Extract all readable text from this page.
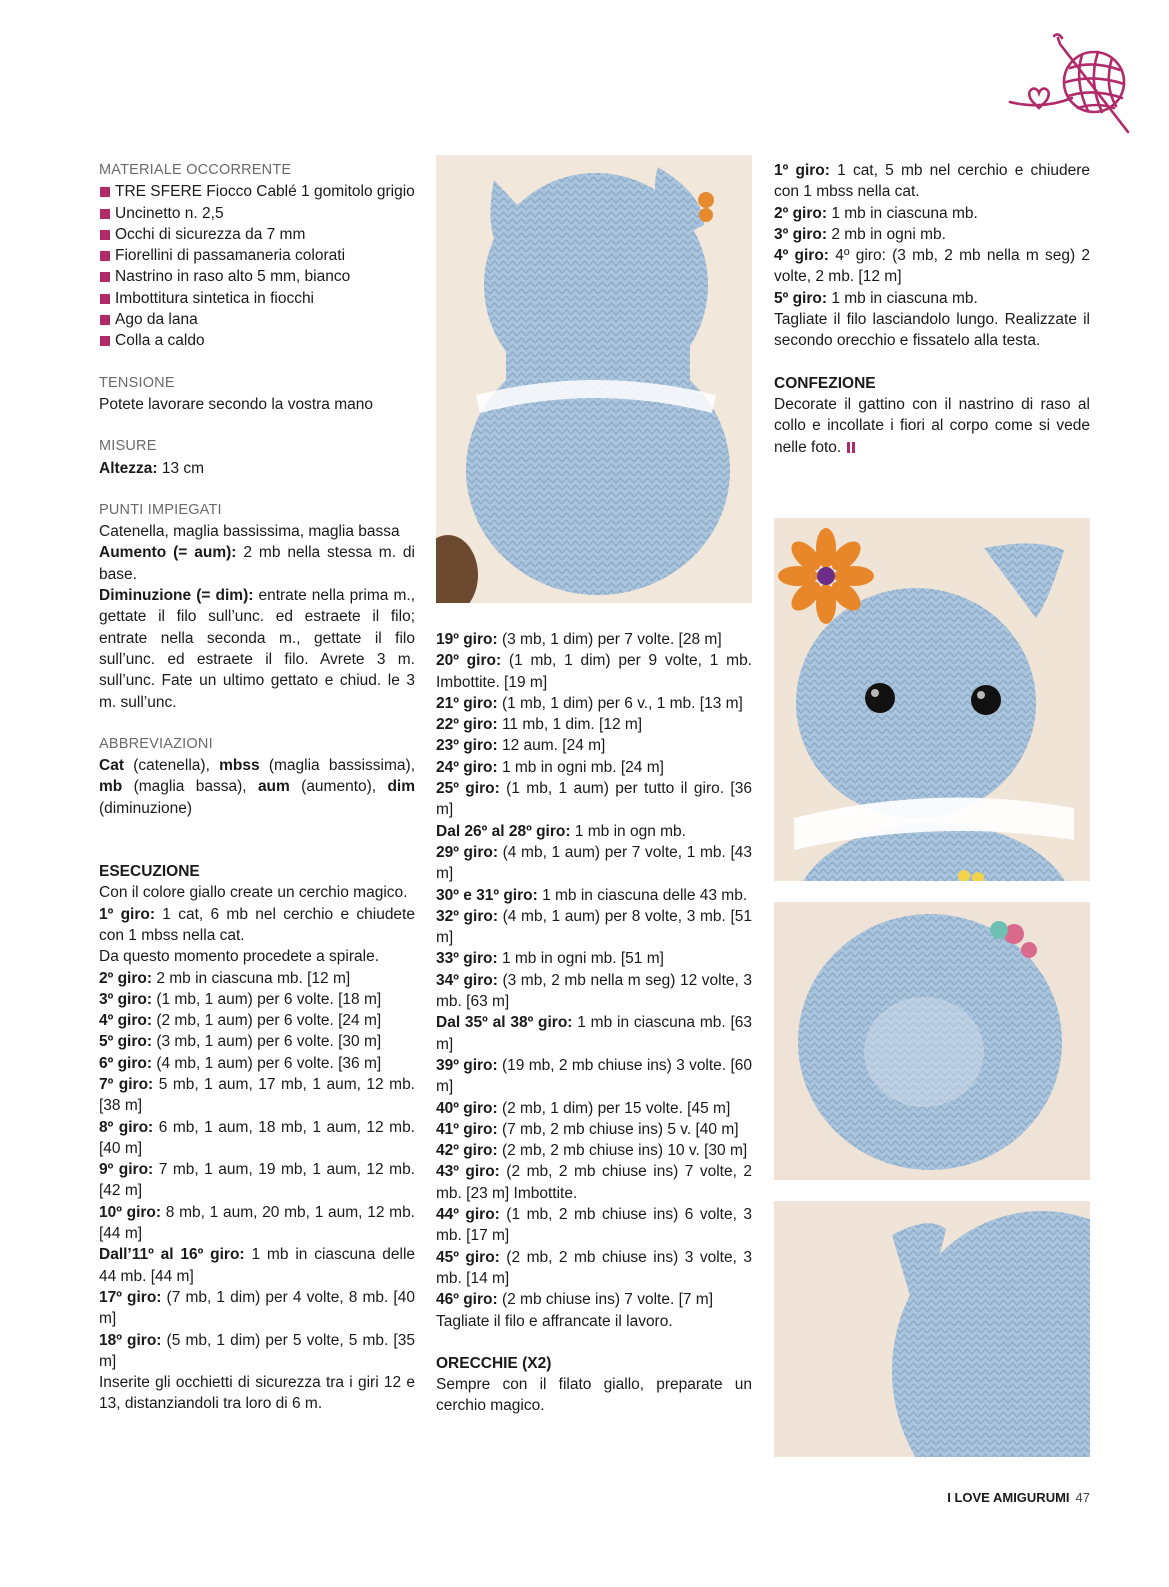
MATERIALE OCCORRENTE

TRE SFERE Fiocco Cablé 1 gomitolo grigio
Uncinetto n. 2,5
Occhi di sicurezza da 7 mm
Fiorellini di passamaneria colorati
Nastrino in raso alto 5 mm, bianco
Imbottitura sintetica in fiocchi
Ago da lana
Colla a caldo

TENSIONE

Potete lavorare secondo la vostra mano

MISURE

Altezza: 13 cm

PUNTI IMPIEGATI

Catenella, maglia bassissima, maglia bassa

Aumento (= aum): 2 mb nella stessa m. di base.

Diminuzione (= dim): entrate nella prima m., gettate il filo sull’unc. ed estraete il filo; entrate nella seconda m., gettate il filo sull’unc. ed estraete il filo. Avrete 3 m. sull’unc. Fate un ultimo gettato e chiud. le 3 m. sull’unc.

ABBREVIAZIONI

Cat (catenella), mbss (maglia bassissima), mb (maglia bassa), aum (aumento), dim (diminuzione)

ESECUZIONE

Con il colore giallo create un cerchio magico.

1º giro: 1 cat, 6 mb nel cerchio e chiudete con 1 mbss nella cat.

Da questo momento procedete a spirale.

2º giro: 2 mb in ciascuna mb. [12 m]

3º giro: (1 mb, 1 aum) per 6 volte. [18 m]

4º giro: (2 mb, 1 aum) per 6 volte. [24 m]

5º giro: (3 mb, 1 aum) per 6 volte. [30 m]

6º giro: (4 mb, 1 aum) per 6 volte. [36 m]

7º giro: 5 mb, 1 aum, 17 mb, 1 aum, 12 mb. [38 m]

8º giro: 6 mb, 1 aum, 18 mb, 1 aum, 12 mb. [40 m]

9º giro: 7 mb, 1 aum, 19 mb, 1 aum, 12 mb. [42 m]

10º giro: 8 mb, 1 aum, 20 mb, 1 aum, 12 mb. [44 m]

Dall’11º al 16º giro: 1 mb in ciascuna delle 44 mb. [44 m]

17º giro: (7 mb, 1 dim) per 4 volte, 8 mb. [40 m]

18º giro: (5 mb, 1 dim) per 5 volte, 5 mb. [35 m]

Inserite gli occhietti di sicurezza tra i giri 12 e 13, distanziandoli tra loro di 6 m.

19º giro: (3 mb, 1 dim) per 7 volte. [28 m]

20º giro: (1 mb, 1 dim) per 9 volte, 1 mb. Imbottite. [19 m]

21º giro: (1 mb, 1 dim) per 6 v., 1 mb. [13 m]

22º giro: 11 mb, 1 dim. [12 m]

23º giro: 12 aum. [24 m]

24º giro: 1 mb in ogni mb. [24 m]

25º giro: (1 mb, 1 aum) per tutto il giro. [36 m]

Dal 26º al 28º giro: 1 mb in ogn mb.

29º giro: (4 mb, 1 aum) per 7 volte, 1 mb. [43 m]

30º e 31º giro: 1 mb in ciascuna delle 43 mb.

32º giro: (4 mb, 1 aum) per 8 volte, 3 mb. [51 m]

33º giro: 1 mb in ogni mb. [51 m]

34º giro: (3 mb, 2 mb nella m seg) 12 volte, 3 mb. [63 m]

Dal 35º al 38º giro: 1 mb in ciascuna mb. [63 m]

39º giro: (19 mb, 2 mb chiuse ins) 3 volte. [60 m]

40º giro: (2 mb, 1 dim) per 15 volte. [45 m]

41º giro: (7 mb, 2 mb chiuse ins) 5 v. [40 m]

42º giro: (2 mb, 2 mb chiuse ins) 10 v. [30 m]

43º giro: (2 mb, 2 mb chiuse ins) 7 volte, 2 mb. [23 m] Imbottite.

44º giro: (1 mb, 2 mb chiuse ins) 6 volte, 3 mb. [17 m]

45º giro: (2 mb, 2 mb chiuse ins) 3 volte, 3 mb. [14 m]

46º giro: (2 mb chiuse ins) 7 volte. [7 m]

Tagliate il filo e affrancate il lavoro.

ORECCHIE (X2)

Sempre con il filato giallo, preparate un cerchio magico.

1º giro: 1 cat, 5 mb nel cerchio e chiudere con 1 mbss nella cat.

2º giro: 1 mb in ciascuna mb.

3º giro: 2 mb in ogni mb.

4º giro: 4º giro: (3 mb, 2 mb nella m seg) 2 volte, 2 mb. [12 m]

5º giro: 1 mb in ciascuna mb.

Tagliate il filo lasciandolo lungo. Realizzate il secondo orecchio e fissatelo alla testa.

CONFEZIONE

Decorate il gattino con il nastrino di raso al collo e incollate i fiori al corpo come si vede nelle foto.

I LOVE AMIGURUMI 47
